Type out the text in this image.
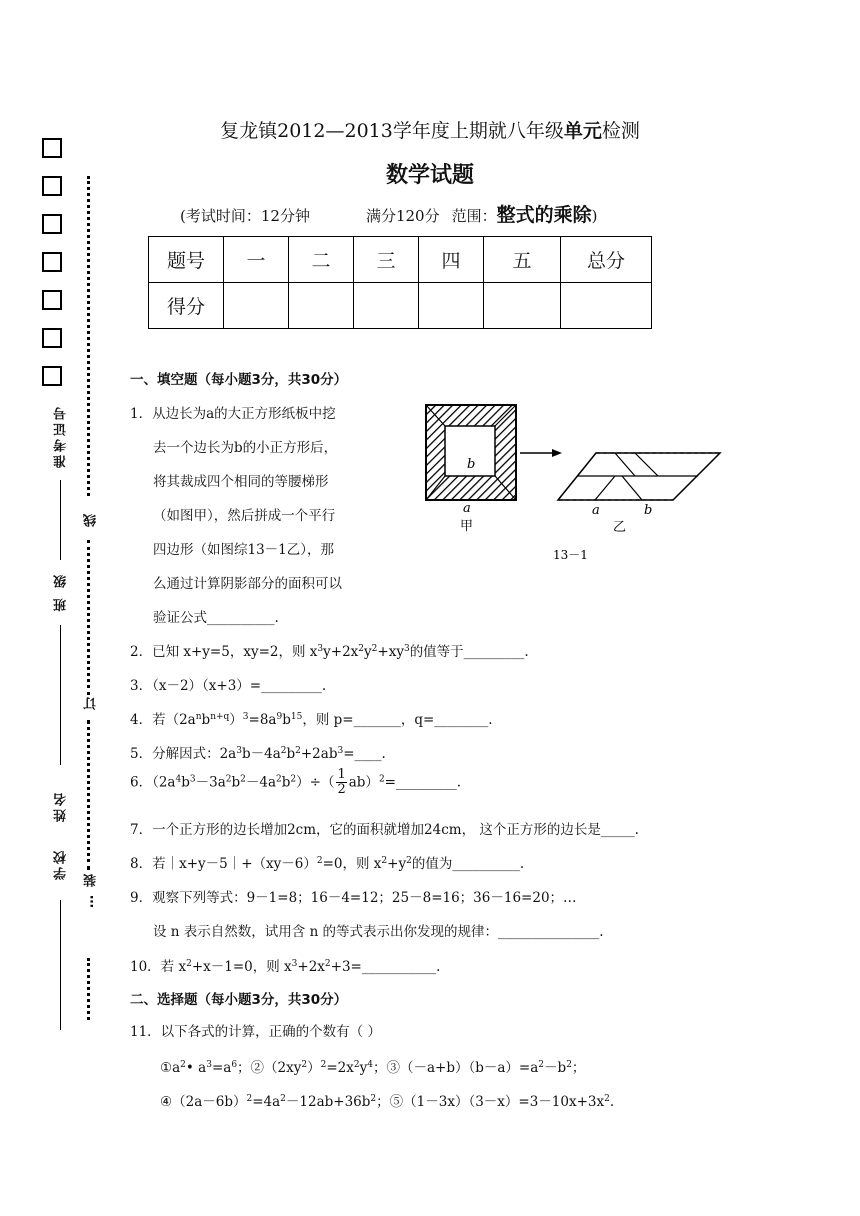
线
订
装
…
准考证号
班 级
姓名
学校
复龙镇2012—2013学年度上期就八年级单元检测
数学试题
(考试时间：12分钟	满分120分 范围：整式的乘除)
题号	一	二	三	四	五	总分
得分						
一、填空题（每小题3分，共30分）
1．从边长为a的大正方形纸板中挖
去一个边长为b的小正方形后，
将其裁成四个相同的等腰梯形
（如图甲），然后拼成一个平行
四边形（如图综13－1乙），那
么通过计算阴影部分的面积可以
验证公式__________.
b
a
甲
a	b
乙
13－1
2．已知 x+y=5，xy=2，则 $x^3y+2x^2y^2+xy^3$的值等于_________.
3．（x－2）（x+3）=_________.
4．若$(2a^nb^{n+q})^3=8a^9b^{15}$，则 p=_______，q=________.
5．分解因式：$2a^3b-4a^2b^2+2ab^3=\_\_\_\_$.
6．$(2a^4b^3-3a^2b^2-4a^2b^2)\div( \frac{1}{2}$ ab）$^2$=_________.
7．一个正方形的边长增加2cm，它的面积就增加24cm， 这个正方形的边长是_____.
8．若$|x+y-5|+(xy-6)^2=0$，则 $x^2+y^2$的值为__________.
9．观察下列等式：9－1=8；16－4=12；25－8=16；36－16=20；…
设 n 表示自然数，试用含 n 的等式表示出你发现的规律：_______________.
10．若 $x^2+x-1=0$，则 $x^3+2x^2+3=\_\_\_\_\_\_\_\_\_\_\_$.
二、选择题（每小题3分，共30分）
11．以下各式的计算，正确的个数有（ ）
$①a^2•$ $a^3=a^6$；$②(2xy^2)^2=2x^2y^4$；$③(-a+b)(b-a)=a^2-b^2$；
$④(2a-6b)^2=4a^2-12ab+36b^2$；$⑤(1-3x)(3-x)=3-10x+3x^2$.
